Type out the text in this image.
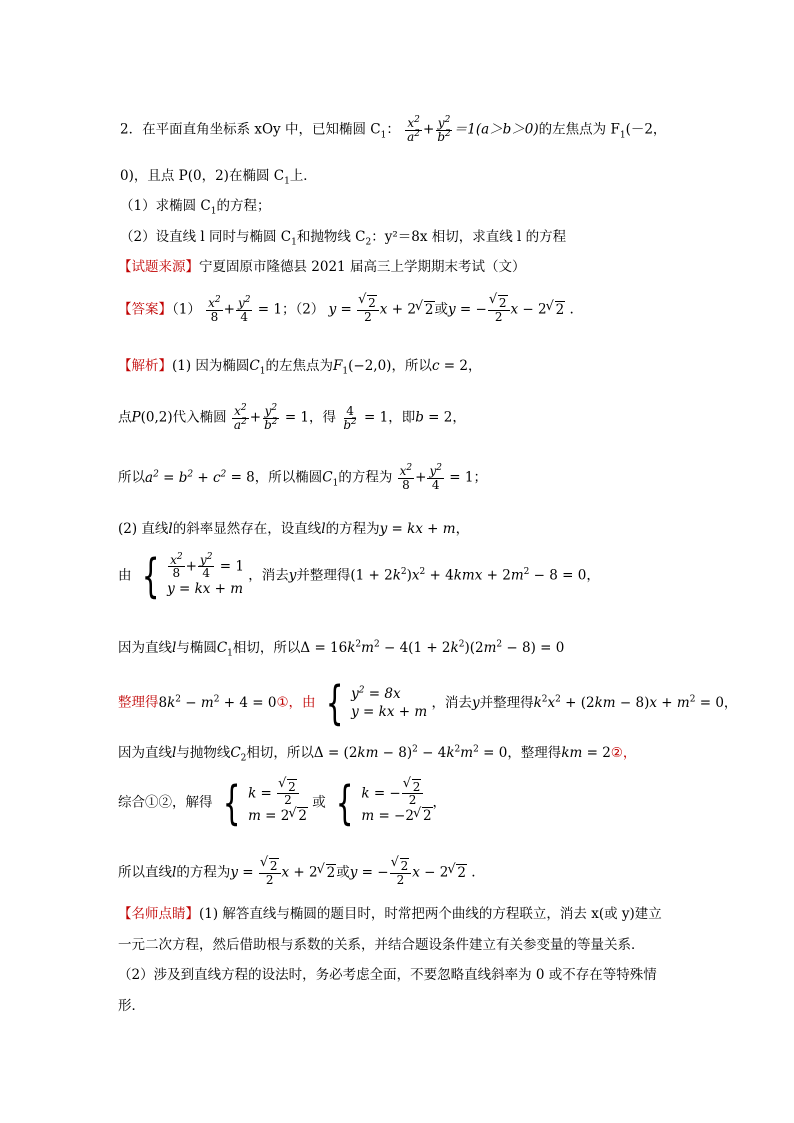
2．在平面直角坐标系 xOy 中，已知椭圆 $C_1$： $\frac{x^2}{a^2} + \frac{y^2}{b^2} =1(a>b>0)$的左焦点为 $F_1(-2$，
0)，且点 P(0，2)在椭圆 $C_1$上．
（1）求椭圆 $C_1$的方程；
（2）设直线 l 同时与椭圆 $C_1$和抛物线 $C_2$：y²＝8x 相切，求直线 l 的方程
【试题来源】宁夏固原市隆德县 2021 届高三上学期期末考试（文）
【答案】$(1) \frac{x^2}{8} + \frac{y^2}{4} = 1$；（2） y = √ $\frac{2}{2}$ x + 2 √ 2或y = − √ $\frac{2}{2}$ x − 2 √ 2 .
【解析】(1) 因为椭圆$C_1$的左焦点为$F_1(-2,0)$，所以c = 2，
点P(0,2)代入椭圆 $\frac{x^2}{a^2} + \frac{y^2}{b^2} = 1$，得 $\frac{4}{b^2} = 1$，即b = 2，
所以$a^2 = b^2 + c^2 = 8$，所以椭圆$C_1$的方程为 $\frac{x^2}{8} + \frac{y^2}{4} = 1$；
(2) 直线l的斜率显然存在，设直线l的方程为y = kx + m，
由 { $\frac{x^2}{8} + \frac{y^2}{4} = 1$
y = kx + m
，消去y并整理得$(1 + 2k^2)x^2 + 4kmx + 2m^2 - 8 = 0$，
因为直线l与椭圆$C_1$相切，所以$\Delta = 16k^2m^2 - 4(1 + 2k^2)(2m^2 - 8) = 0$
整理得$8k^2 - m^2 + 4$ = 0①，由 { $y^2 = 8x$
y = kx + m
，消去y并整理得$k^2x^2 + (2km - 8)x + m^2 = 0$，
因为直线l与抛物线$C_2$相切，所以$\Delta = (2km - 8)^2 - 4k^2m^2 = 0$，整理得km = 2②，
综合①②，解得 { k = √ $\frac{2}{2}$
m = 2 √ 2
或 { k = − √ $\frac{2}{2}$
m = −2 √ 2
，
所以直线l的方程为y = √ $\frac{2}{2}$ x + 2 √ 2或y = − √ $\frac{2}{2}$ x − 2 √ 2 .
【名师点睛】(1) 解答直线与椭圆的题目时，时常把两个曲线的方程联立，消去 x(或 y)建立
一元二次方程，然后借助根与系数的关系，并结合题设条件建立有关参变量的等量关系．
（2）涉及到直线方程的设法时，务必考虑全面，不要忽略直线斜率为 0 或不存在等特殊情
形．
